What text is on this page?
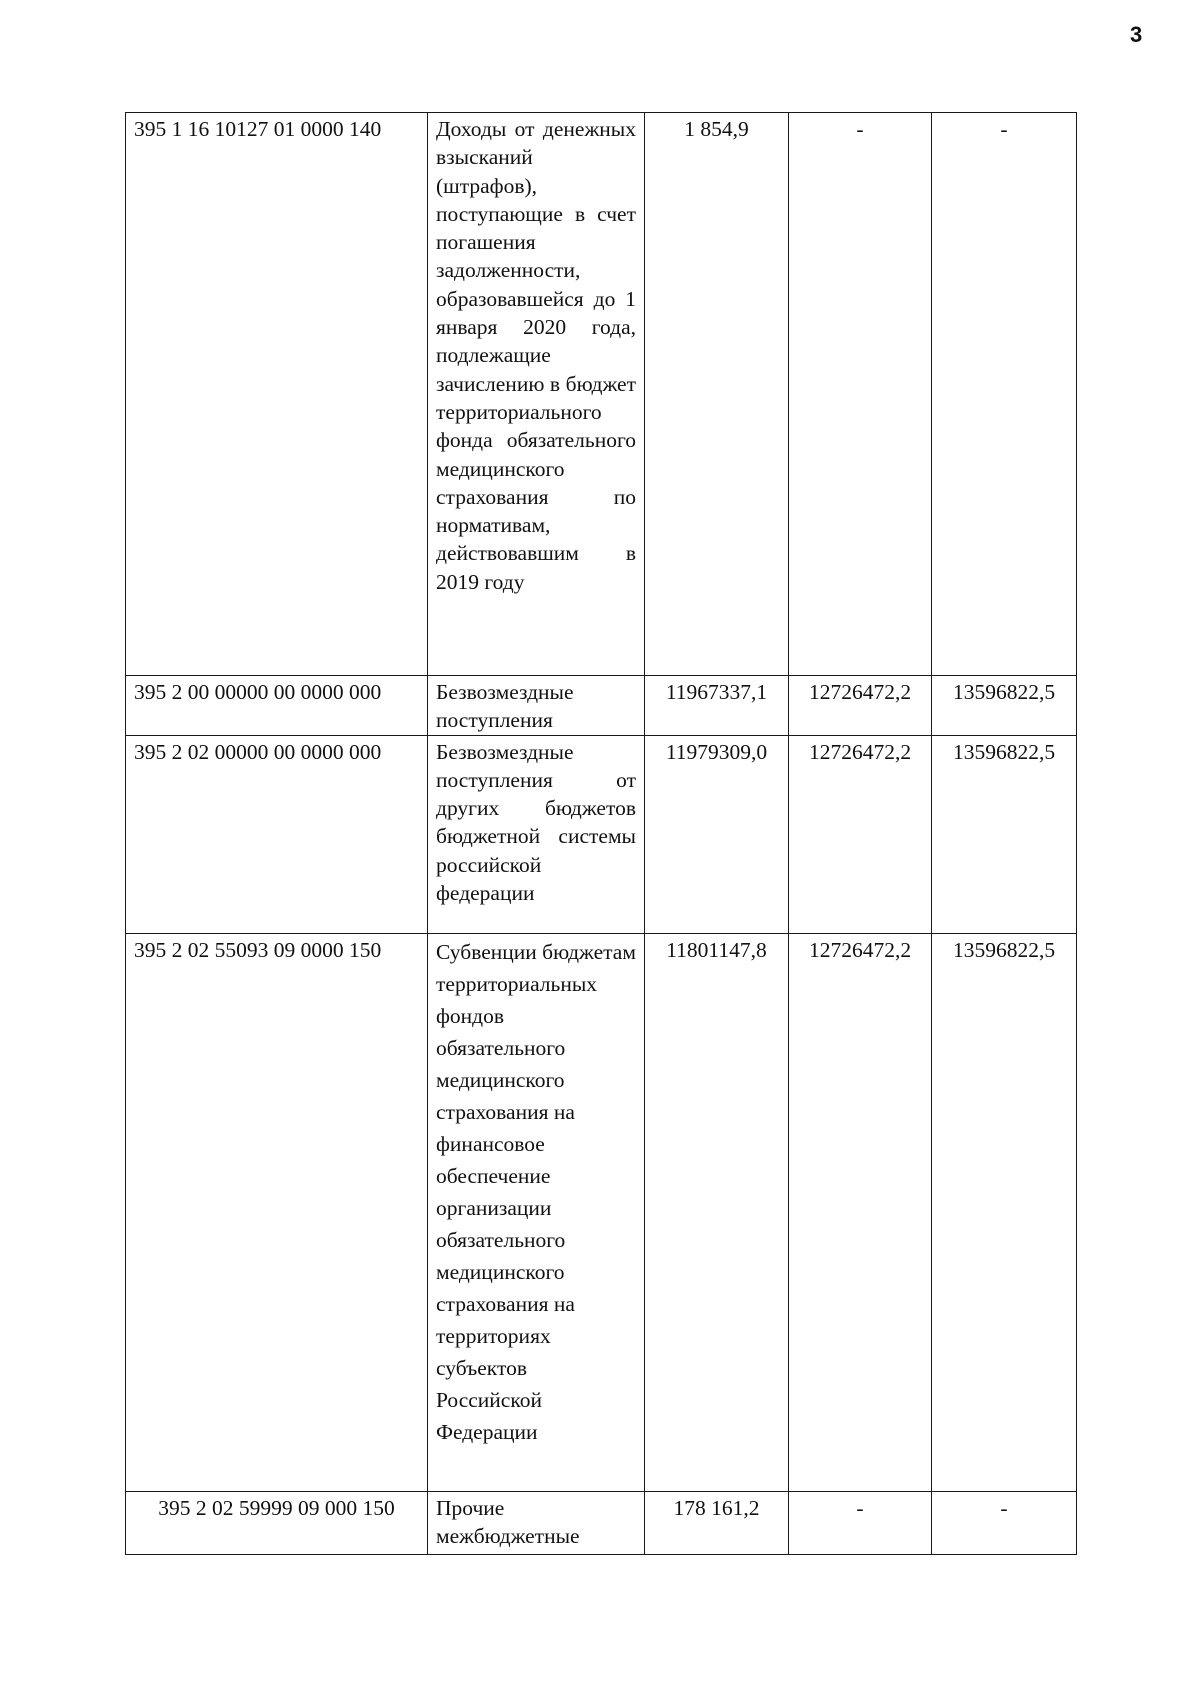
3
395 1 16 10127 01 0000 140	Доходы от денежных взысканий (штрафов), поступающие в счет погашения задолженности, образовавшейся до 1 января 2020 года, подлежащие зачислению в бюджет территориального фонда обязательного медицинского страхования по нормативам, действовавшим в 2019 году	1 854,9	-	-
395 2 00 00000 00 0000 000	Безвозмездные поступления	11967337,1	12726472,2	13596822,5
395 2 02 00000 00 0000 000	Безвозмездные поступления от других бюджетов бюджетной системы российской федерации	11979309,0	12726472,2	13596822,5
395 2 02 55093 09 0000 150	Субвенции бюджетам территориальных фондов обязательного медицинского страхования на финансовое обеспечение организации обязательного медицинского страхования на территориях субъектов Российской Федерации	11801147,8	12726472,2	13596822,5
395 2 02 59999 09 000 150	Прочие межбюджетные	178 161,2	-	-
